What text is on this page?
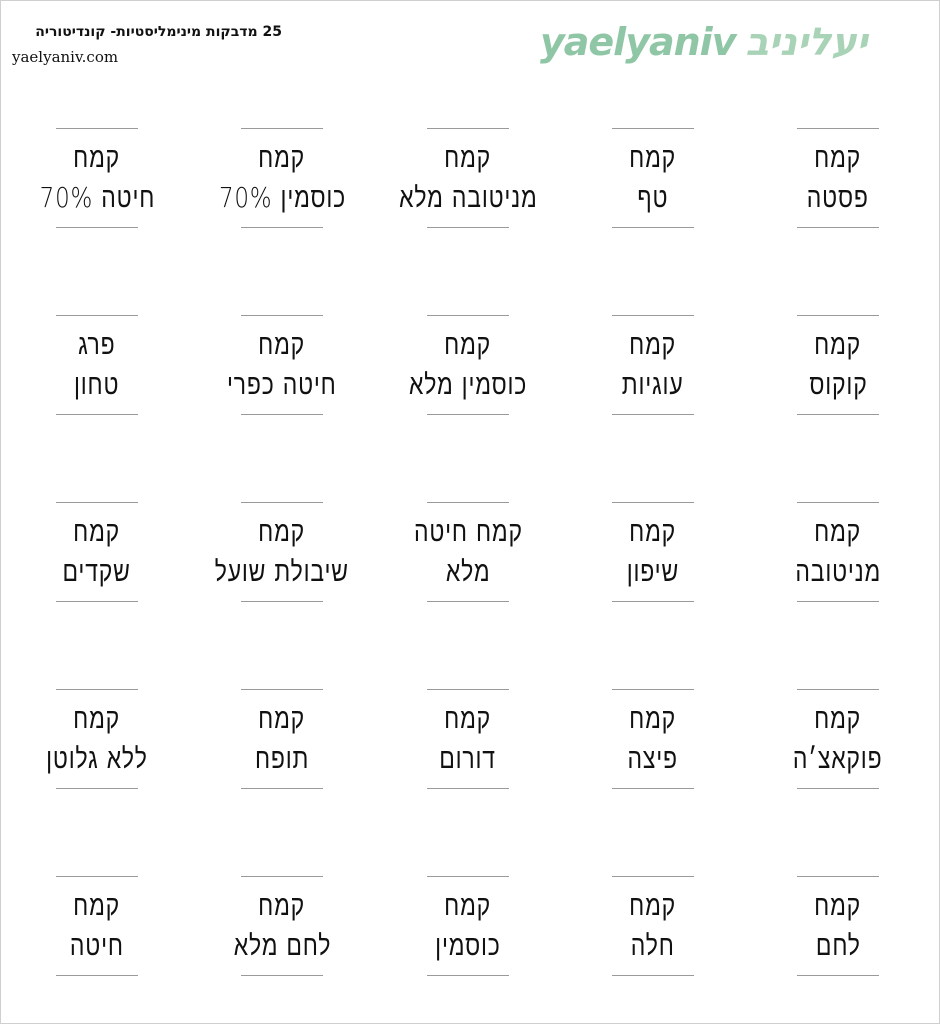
25 מדבקות מינימליסטיות- קונדיטוריה
yaelyaniv.com	yaelyaniv יעליניב
קמח
פסטה
קמח
טף
קמח
מניטובה מלא
קמח
כוסמין 70%
קמח
חיטה 70%
קמח
קוקוס
קמח
עוגיות
קמח
כוסמין מלא
קמח
חיטה כפרי
פרג
טחון
קמח
מניטובה
קמח
שיפון
קמח חיטה
מלא
קמח
שיבולת שועל
קמח
שקדים
קמח
פוקאצ׳ה
קמח
פיצה
קמח
דורום
קמח
תופח
קמח
ללא גלוטן
קמח
לחם
קמח
חלה
קמח
כוסמין
קמח
לחם מלא
קמח
חיטה
